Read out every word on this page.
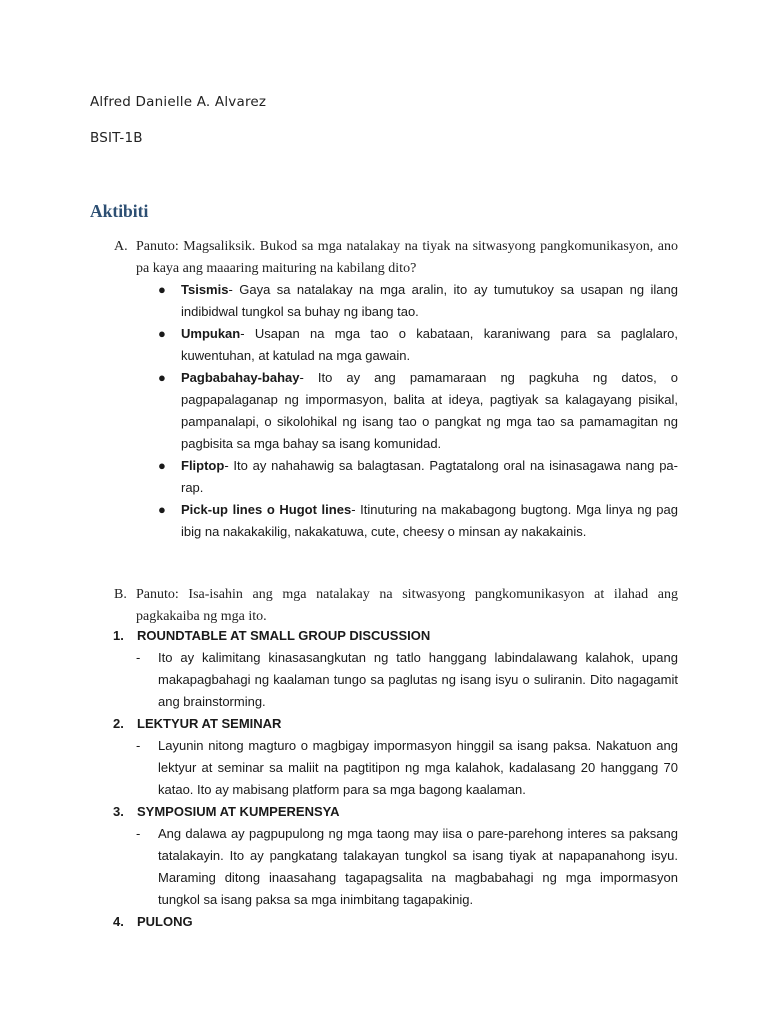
Alfred Danielle A. Alvarez
BSIT-1B
Aktibiti
A. Panuto: Magsaliksik. Bukod sa mga natalakay na tiyak na sitwasyong pangkomunikasyon, ano pa kaya ang maaaring maituring na kabilang dito?
● Tsismis- Gaya sa natalakay na mga aralin, ito ay tumutukoy sa usapan ng ilang indibidwal tungkol sa buhay ng ibang tao.
● Umpukan- Usapan na mga tao o kabataan, karaniwang para sa paglalaro, kuwentuhan, at katulad na mga gawain.
● Pagbabahay-bahay- Ito ay ang pamamaraan ng pagkuha ng datos, o pagpapalaganap ng impormasyon, balita at ideya, pagtiyak sa kalagayang pisikal, pampanalapi, o sikolohikal ng isang tao o pangkat ng mga tao sa pamamagitan ng pagbisita sa mga bahay sa isang komunidad.
● Fliptop- Ito ay nahahawig sa balagtasan. Pagtatalong oral na isinasagawa nang pa-rap.
● Pick-up lines o Hugot lines- Itinuturing na makabagong bugtong. Mga linya ng pag ibig na nakakakilig, nakakatuwa, cute, cheesy o minsan ay nakakainis.
B. Panuto: Isa-isahin ang mga natalakay na sitwasyong pangkomunikasyon at ilahad ang pagkakaiba ng mga ito.
1. ROUNDTABLE AT SMALL GROUP DISCUSSION
- Ito ay kalimitang kinasasangkutan ng tatlo hanggang labindalawang kalahok, upang makapagbahagi ng kaalaman tungo sa paglutas ng isang isyu o suliranin. Dito nagagamit ang brainstorming.
2. LEKTYUR AT SEMINAR
- Layunin nitong magturo o magbigay impormasyon hinggil sa isang paksa. Nakatuon ang lektyur at seminar sa maliit na pagtitipon ng mga kalahok, kadalasang 20 hanggang 70 katao. Ito ay mabisang platform para sa mga bagong kaalaman.
3. SYMPOSIUM AT KUMPERENSYA
- Ang dalawa ay pagpupulong ng mga taong may iisa o pare-parehong interes sa paksang tatalakayin. Ito ay pangkatang talakayan tungkol sa isang tiyak at napapanahong isyu. Maraming ditong inaasahang tagapagsalita na magbabahagi ng mga impormasyon tungkol sa isang paksa sa mga inimbitang tagapakinig.
4. PULONG
